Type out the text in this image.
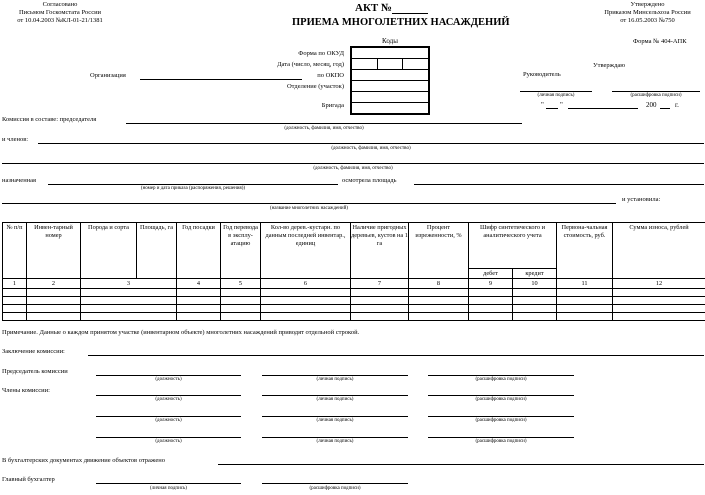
Согласовано
Письмом Госкомстата России
от 10.04.2003 №КЛ-01-21/1381
Утверждено
Приказом Минсельхоза России
от 16.05.2003 №750
АКТ №
ПРИЕМА МНОГОЛЕТНИХ НАСАЖДЕНИЙ
Форма № 404-АПК
Коды

Форма по ОКУД
Дата (число, месяц, год)
по ОКПО
Отделение (участок)
Бригада
Организация
Утверждаю
Руководитель
(личная подпись)	(расшифровка подписи)
" "	200	г.
Комиссия в составе: председателя
(должность, фамилия, имя, отчество)
и членов:
(должность, фамилия, имя, отчество)
(должность, фамилия, имя, отчество)
назначенная
(номер и дата приказа (распоряжения, решения))
осмотрела площадь
(название многолетних насаждений)
и установила:
№ п/п	Инвен-тарный номер	Порода и сорта	Площадь, га	Год посадки	Год перевода в эксплу-атацию	Кол-во дерев.-кустарн. по данным последней инвентар., единиц	Наличие пригодных деревьев, кустов на 1 га	Процент изреженности, %	Шифр синтетического и аналитического учета		Первона-чальная стоимость, руб.	Сумма износа, рублей
									дебет	кредит		
1	2	3		4	5	6	7	8	9	10	11	12

Примечание. Данные о каждом принятом участке (инвентарном объекте) многолетних насаждений приводят отдельной строкой.
Заключение комиссии:
Председатель комиссии
(должность)	(личная подпись)	(расшифровка подписи)
Члены комиссии:
(должность)	(личная подпись)	(расшифровка подписи)
(должность)	(личная подпись)	(расшифровка подписи)
(должность)	(личная подпись)	(расшифровка подписи)
В бухгалтерских документах движение объектов отражено
Главный бухгалтер
(личная подпись)	(расшифровка подписи)
